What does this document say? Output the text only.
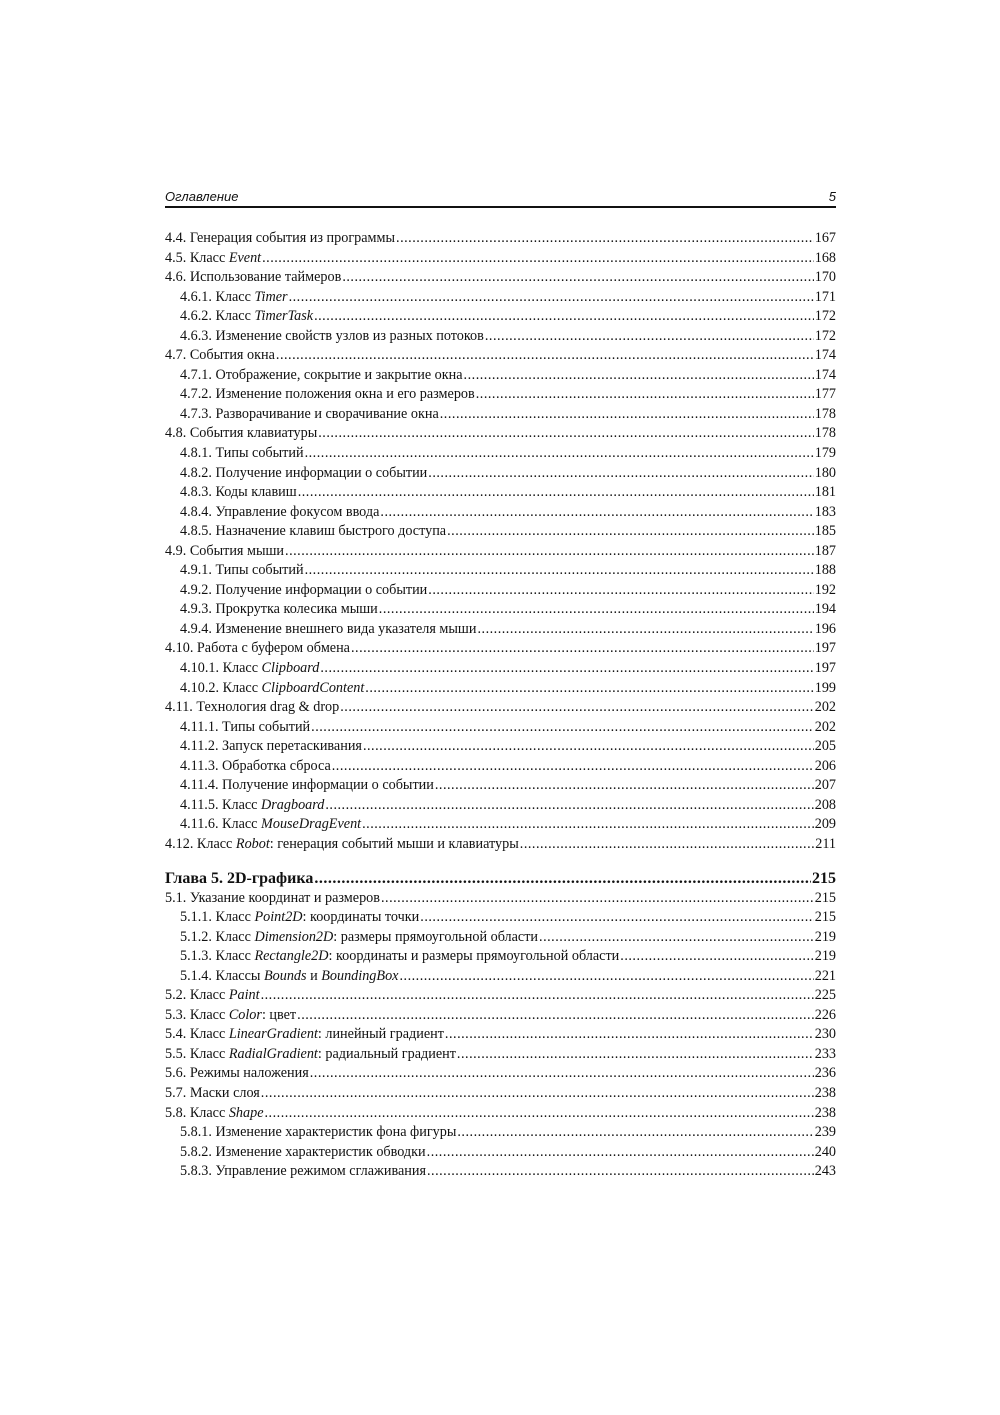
Оглавление	5
4.4. Генерация события из программы .....	167
4.5. Класс Event .....	168
4.6. Использование таймеров .....	170
4.6.1. Класс Timer .....	171
4.6.2. Класс TimerTask .....	172
4.6.3. Изменение свойств узлов из разных потоков .....	172
4.7. События окна .....	174
4.7.1. Отображение, сокрытие и закрытие окна .....	174
4.7.2. Изменение положения окна и его размеров .....	177
4.7.3. Разворачивание и сворачивание окна .....	178
4.8. События клавиатуры .....	178
4.8.1. Типы событий .....	179
4.8.2. Получение информации о событии .....	180
4.8.3. Коды клавиш .....	181
4.8.4. Управление фокусом ввода .....	183
4.8.5. Назначение клавиш быстрого доступа .....	185
4.9. События мыши .....	187
4.9.1. Типы событий .....	188
4.9.2. Получение информации о событии .....	192
4.9.3. Прокрутка колесика мыши .....	194
4.9.4. Изменение внешнего вида указателя мыши .....	196
4.10. Работа с буфером обмена .....	197
4.10.1. Класс Clipboard .....	197
4.10.2. Класс ClipboardContent .....	199
4.11. Технология drag & drop .....	202
4.11.1. Типы событий .....	202
4.11.2. Запуск перетаскивания .....	205
4.11.3. Обработка сброса .....	206
4.11.4. Получение информации о событии .....	207
4.11.5. Класс Dragboard .....	208
4.11.6. Класс MouseDragEvent .....	209
4.12. Класс Robot: генерация событий мыши и клавиатуры .....	211
Глава 5. 2D-графика .....	215
5.1. Указание координат и размеров .....	215
5.1.1. Класс Point2D: координаты точки .....	215
5.1.2. Класс Dimension2D: размеры прямоугольной области .....	219
5.1.3. Класс Rectangle2D: координаты и размеры прямоугольной области .....	219
5.1.4. Классы Bounds и BoundingBox .....	221
5.2. Класс Paint .....	225
5.3. Класс Color: цвет .....	226
5.4. Класс LinearGradient: линейный градиент .....	230
5.5. Класс RadialGradient: радиальный градиент .....	233
5.6. Режимы наложения .....	236
5.7. Маски слоя .....	238
5.8. Класс Shape .....	238
5.8.1. Изменение характеристик фона фигуры .....	239
5.8.2. Изменение характеристик обводки .....	240
5.8.3. Управление режимом сглаживания .....	243
